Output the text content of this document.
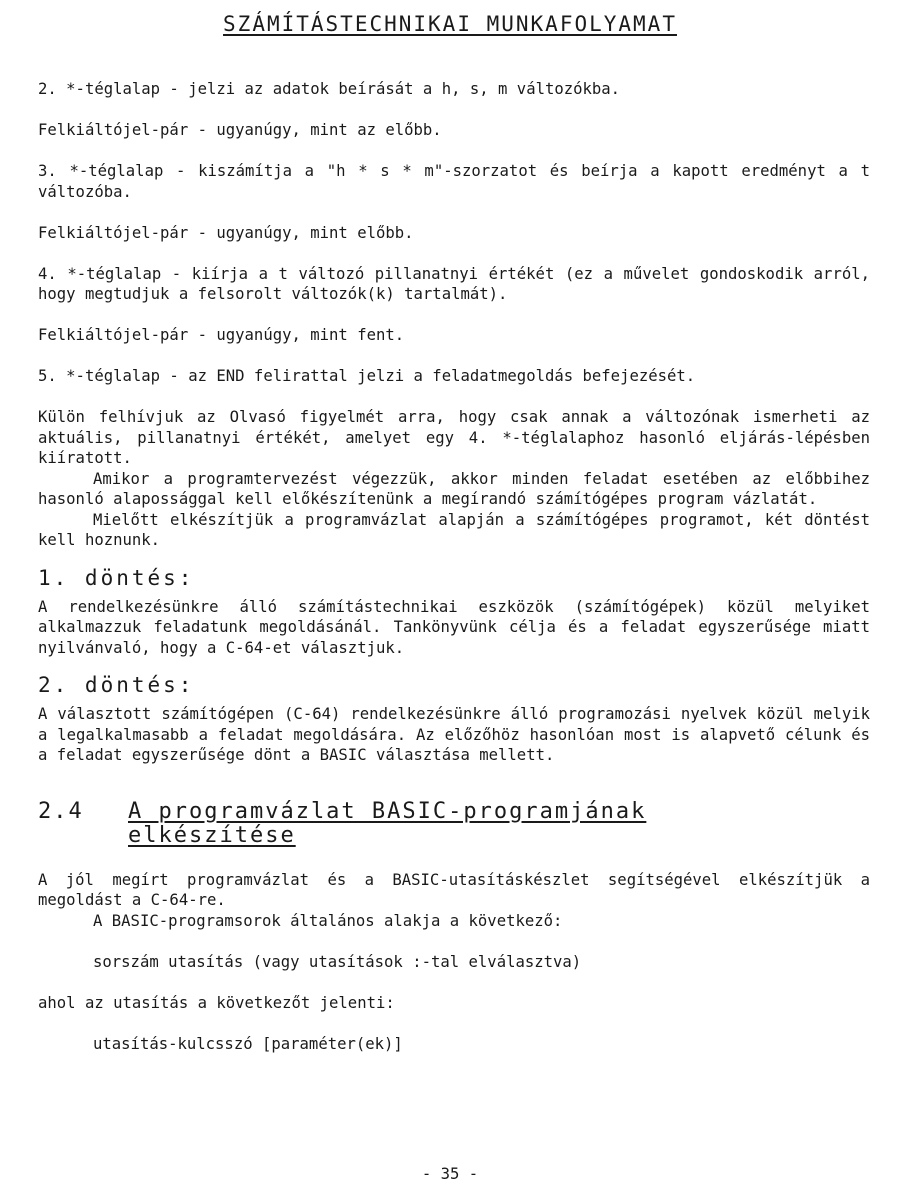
SZÁMÍTÁSTECHNIKAI MUNKAFOLYAMAT

2. *-téglalap - jelzi az adatok beírását a h, s, m változókba.

Felkiáltójel-pár - ugyanúgy, mint az előbb.

3. *-téglalap - kiszámítja a "h * s * m"-szorzatot és beírja a kapott eredményt a t változóba.

Felkiáltójel-pár - ugyanúgy, mint előbb.

4. *-téglalap - kiírja a t változó pillanatnyi értékét (ez a művelet gondoskodik arról, hogy megtudjuk a felsorolt változók(k) tartalmát).

Felkiáltójel-pár - ugyanúgy, mint fent.

5. *-téglalap - az END felirattal jelzi a feladatmegoldás befejezését.

Külön felhívjuk az Olvasó figyelmét arra, hogy csak annak a változónak ismerheti az aktuális, pillanatnyi értékét, amelyet egy 4. *-téglalaphoz hasonló eljárás-lépésben kiíratott.

Amikor a programtervezést végezzük, akkor minden feladat esetében az előbbihez hasonló alapossággal kell előkészítenünk a megírandó számítógépes program vázlatát.

Mielőtt elkészítjük a programvázlat alapján a számítógépes programot, két döntést kell hoznunk.

1. döntés:

A rendelkezésünkre álló számítástechnikai eszközök (számítógépek) közül melyiket alkalmazzuk feladatunk megoldásánál. Tankönyvünk célja és a feladat egyszerűsége miatt nyilvánvaló, hogy a C-64-et választjuk.

2. döntés:

A választott számítógépen (C-64) rendelkezésünkre álló programozási nyelvek közül melyik a legalkalmasabb a feladat megoldására. Az előzőhöz hasonlóan most is alapvető célunk és a feladat egyszerűsége dönt a BASIC választása mellett.

2.4	A programvázlat BASIC-programjának
elkészítése

A jól megírt programvázlat és a BASIC-utasításkészlet segítségével elkészítjük a megoldást a C-64-re.

A BASIC-programsorok általános alakja a következő:

sorszám utasítás (vagy utasítások :-tal elválasztva)

ahol az utasítás a következőt jelenti:

utasítás-kulcsszó [paraméter(ek)]

- 35 -
